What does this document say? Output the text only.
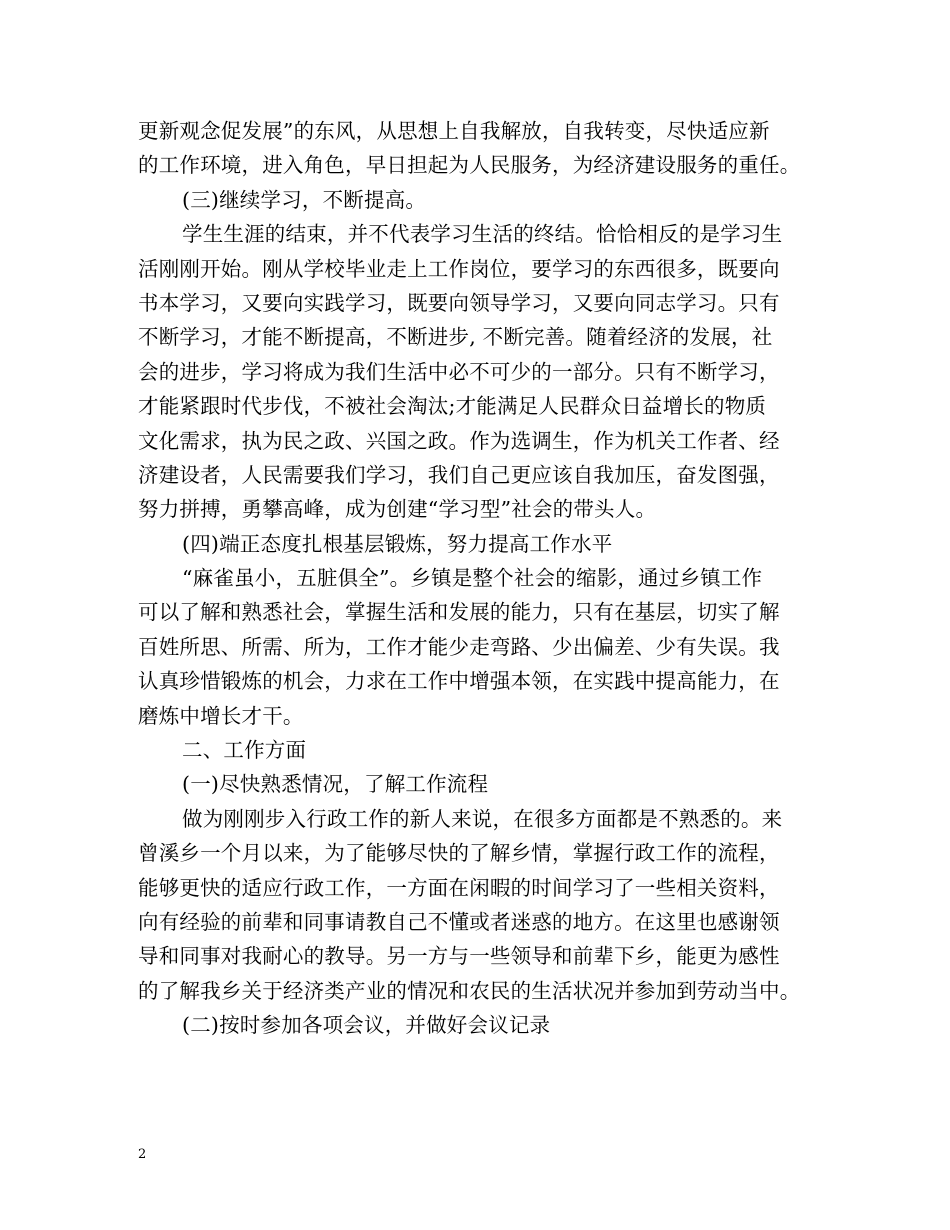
更新观念促发展”的东风，从思想上自我解放，自我转变，尽快适应新
的工作环境，进入角色，早日担起为人民服务，为经济建设服务的重任。
(三)继续学习，不断提高。
学生生涯的结束，并不代表学习生活的终结。恰恰相反的是学习生
活刚刚开始。刚从学校毕业走上工作岗位，要学习的东西很多，既要向
书本学习，又要向实践学习，既要向领导学习，又要向同志学习。只有
不断学习，才能不断提高，不断进步, 不断完善。随着经济的发展，社
会的进步，学习将成为我们生活中必不可少的一部分。只有不断学习，
才能紧跟时代步伐，不被社会淘汰;才能满足人民群众日益增长的物质
文化需求，执为民之政、兴国之政。作为选调生，作为机关工作者、经
济建设者，人民需要我们学习，我们自己更应该自我加压，奋发图强，
努力拼搏，勇攀高峰，成为创建“学习型”社会的带头人。
(四)端正态度扎根基层锻炼，努力提高工作水平
“麻雀虽小，五脏俱全”。乡镇是整个社会的缩影，通过乡镇工作
可以了解和熟悉社会，掌握生活和发展的能力，只有在基层，切实了解
百姓所思、所需、所为，工作才能少走弯路、少出偏差、少有失误。我
认真珍惜锻炼的机会，力求在工作中增强本领，在实践中提高能力，在
磨炼中增长才干。
二、工作方面
(一)尽快熟悉情况，了解工作流程
做为刚刚步入行政工作的新人来说，在很多方面都是不熟悉的。来
曾溪乡一个月以来，为了能够尽快的了解乡情，掌握行政工作的流程，
能够更快的适应行政工作，一方面在闲暇的时间学习了一些相关资料，
向有经验的前辈和同事请教自己不懂或者迷惑的地方。在这里也感谢领
导和同事对我耐心的教导。另一方与一些领导和前辈下乡，能更为感性
的了解我乡关于经济类产业的情况和农民的生活状况并参加到劳动当中。
(二)按时参加各项会议，并做好会议记录
2
